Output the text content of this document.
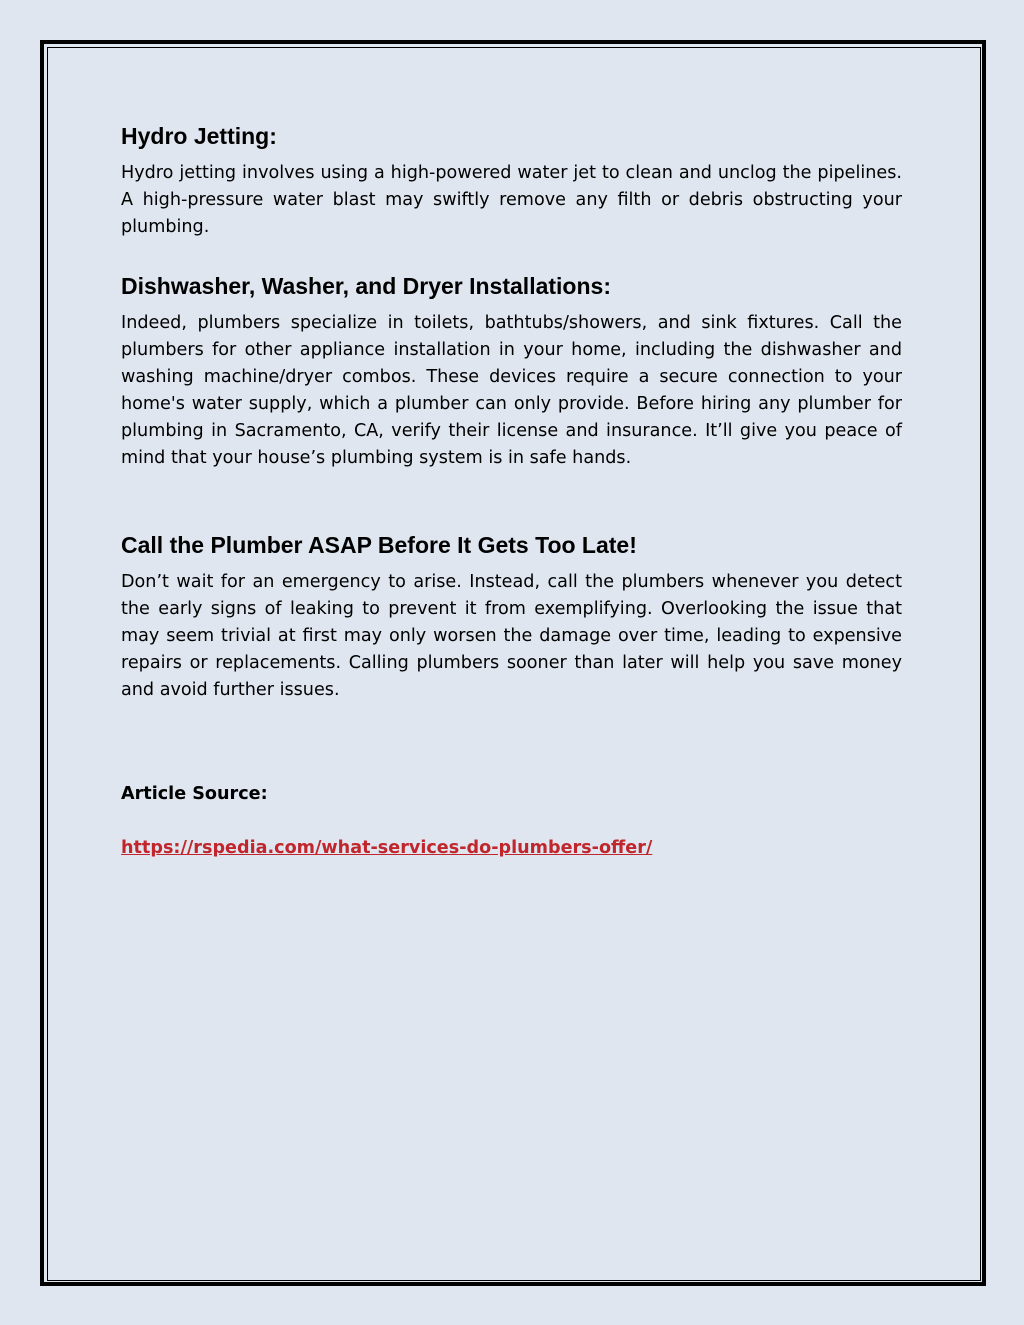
Hydro Jetting:

Hydro jetting involves using a high-powered water jet to clean and unclog the pipelines. A high-pressure water blast may swiftly remove any filth or debris obstructing your plumbing.

Dishwasher, Washer, and Dryer Installations:

Indeed, plumbers specialize in toilets, bathtubs/showers, and sink fixtures. Call the plumbers for other appliance installation in your home, including the dishwasher and washing machine/dryer combos. These devices require a secure connection to your home's water supply, which a plumber can only provide. Before hiring any plumber for plumbing in Sacramento, CA, verify their license and insurance. It’ll give you peace of mind that your house’s plumbing system is in safe hands.

Call the Plumber ASAP Before It Gets Too Late!

Don’t wait for an emergency to arise. Instead, call the plumbers whenever you detect the early signs of leaking to prevent it from exemplifying. Overlooking the issue that may seem trivial at first may only worsen the damage over time, leading to expensive repairs or replacements. Calling plumbers sooner than later will help you save money and avoid further issues.

Article Source:
https://rspedia.com/what-services-do-plumbers-offer/
